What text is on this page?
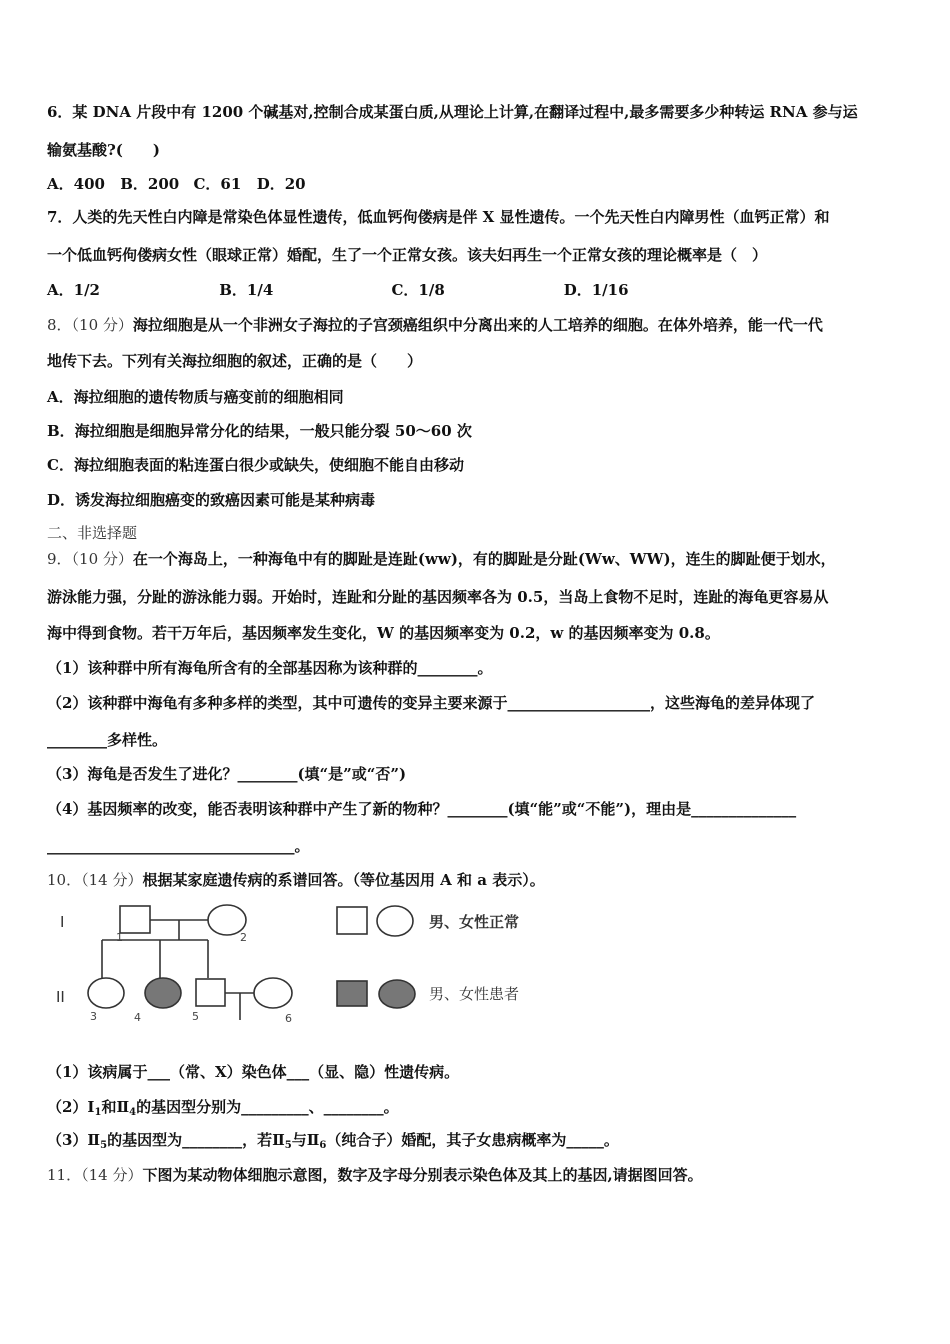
6．某 DNA 片段中有 1200 个碱基对,控制合成某蛋白质,从理论上计算,在翻译过程中,最多需要多少种转运 RNA 参与运
输氨基酸?(　　)
A．400 B．200 C．61 D．20
7．人类的先天性白内障是常染色体显性遗传，低血钙佝偻病是伴 X 显性遗传。一个先天性白内障男性（血钙正常）和
一个低血钙佝偻病女性（眼球正常）婚配，生了一个正常女孩。该夫妇再生一个正常女孩的理论概率是（　）
A．1/2	B．1/4	C．1/8	D．1/16
8．（10 分）海拉细胞是从一个非洲女子海拉的子宫颈癌组织中分离出来的人工培养的细胞。在体外培养，能一代一代
地传下去。下列有关海拉细胞的叙述，正确的是（　　）
A．海拉细胞的遗传物质与癌变前的细胞相同
B．海拉细胞是细胞异常分化的结果，一般只能分裂 50～60 次
C．海拉细胞表面的粘连蛋白很少或缺失，使细胞不能自由移动
D．诱发海拉细胞癌变的致癌因素可能是某种病毒
二、非选择题
9．（10 分）在一个海岛上，一种海龟中有的脚趾是连趾(ww)，有的脚趾是分趾(Ww、WW)，连生的脚趾便于划水，
游泳能力强，分趾的游泳能力弱。开始时，连趾和分趾的基因频率各为 0.5，当岛上食物不足时，连趾的海龟更容易从
海中得到食物。若干万年后，基因频率发生变化，W 的基因频率变为 0.2，w 的基因频率变为 0.8。
（1）该种群中所有海龟所含有的全部基因称为该种群的________。
（2）该种群中海龟有多种多样的类型，其中可遗传的变异主要来源于___________________，这些海龟的差异体现了
________多样性。
（3）海龟是否发生了进化？________(填“是”或“否”)
（4）基因频率的改变，能否表明该种群中产生了新的物种？________(填“能”或“不能”)，理由是______________
_________________________________。
10．（14 分）根据某家庭遗传病的系谱回答。（等位基因用 A 和 a 表示）。
I
II
1	2
3	4	5	6
男、女性正常
男、女性患者
（1）该病属于___（常、X）染色体___（显、隐）性遗传病。
$(2)Ⅰ_1$和$Ⅱ_4$的基因型分别为_________、________。
$(3)Ⅱ_5$的基因型为________，若$Ⅱ_5$与$Ⅱ_6$（纯合子）婚配，其子女患病概率为_____。
11．（14 分）下图为某动物体细胞示意图，数字及字母分别表示染色体及其上的基因,请据图回答。
